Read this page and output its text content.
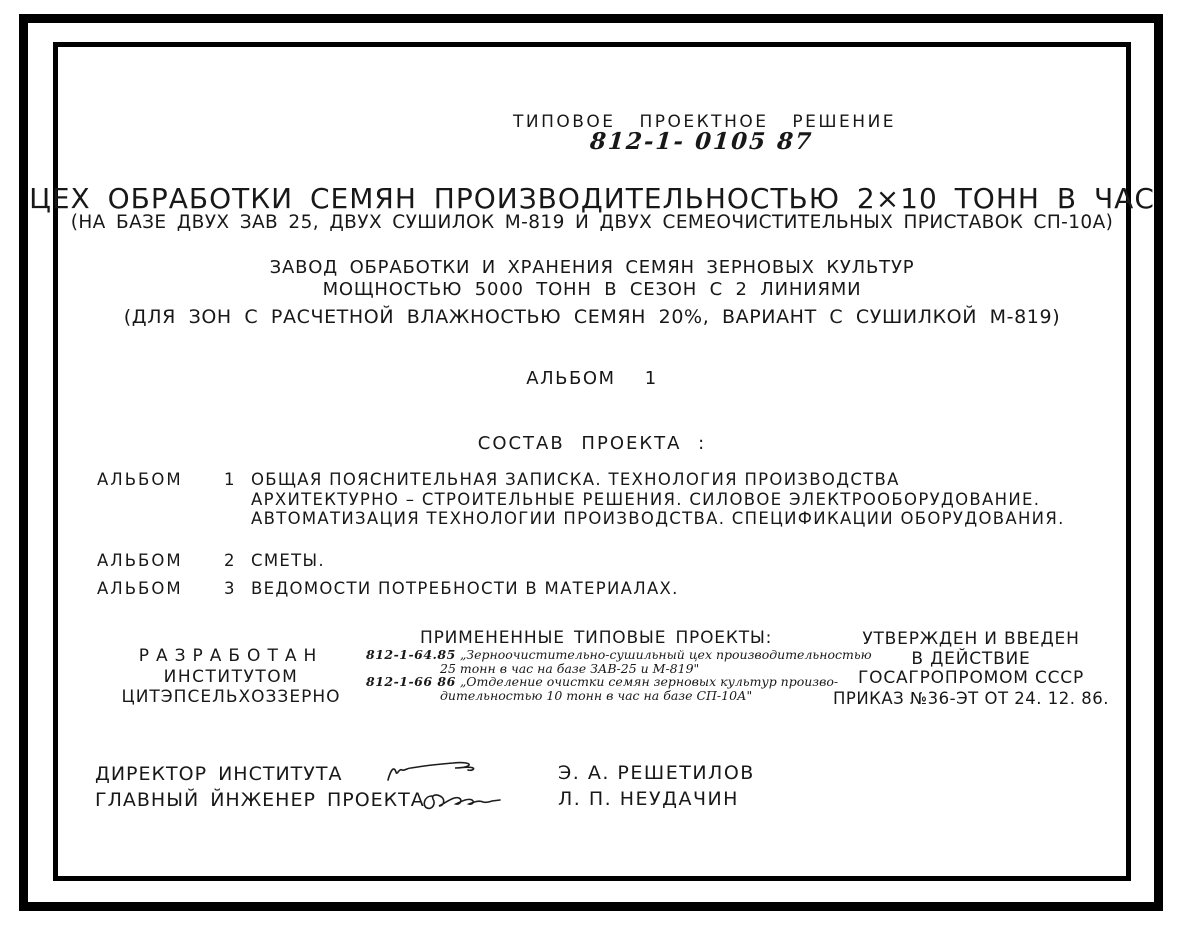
ТИПОВОЕ ПРОЕКТНОЕ РЕШЕНИЕ
812-1- 0105 87
ЦЕХ ОБРАБОТКИ СЕМЯН ПРОИЗВОДИТЕЛЬНОСТЬЮ 2×10 ТОНН В ЧАС
(НА БАЗЕ ДВУХ ЗАВ 25, ДВУХ СУШИЛОК М-819 И ДВУХ СЕМЕОЧИСТИТЕЛЬНЫХ ПРИСТАВОК СП-10А)
ЗАВОД ОБРАБОТКИ И ХРАНЕНИЯ СЕМЯН ЗЕРНОВЫХ КУЛЬТУР
МОЩНОСТЬЮ 5000 ТОНН В СЕЗОН С 2 ЛИНИЯМИ
(ДЛЯ ЗОН С РАСЧЕТНОЙ ВЛАЖНОСТЬЮ СЕМЯН 20%, ВАРИАНТ С СУШИЛКОЙ М-819)
АЛЬБОМ 1
СОСТАВ ПРОЕКТА :
АЛЬБОМ	1	ОБЩАЯ ПОЯСНИТЕЛЬНАЯ ЗАПИСКА. ТЕХНОЛОГИЯ ПРОИЗВОДСТВА
АРХИТЕКТУРНО – СТРОИТЕЛЬНЫЕ РЕШЕНИЯ. СИЛОВОЕ ЭЛЕКТРООБОРУДОВАНИЕ.
АВТОМАТИЗАЦИЯ ТЕХНОЛОГИИ ПРОИЗВОДСТВА. СПЕЦИФИКАЦИИ ОБОРУДОВАНИЯ.
АЛЬБОМ	2	СМЕТЫ.
АЛЬБОМ	3	ВЕДОМОСТИ ПОТРЕБНОСТИ В МАТЕРИАЛАХ.
РАЗРАБОТАН
ИНСТИТУТОМ
ЦИТЭПСЕЛЬХОЗЗЕРНО
ПРИМЕНЕННЫЕ ТИПОВЫЕ ПРОЕКТЫ:
812-1-64.85 „Зерноочистительно-сушильный цех производительностью
25 тонн в час на базе ЗАВ-25 и М-819"
812-1-66 86 „Отделение очистки семян зерновых культур произво-
дительностью 10 тонн в час на базе СП-10А"
УТВЕРЖДЕН И ВВЕДЕН
В ДЕЙСТВИЕ
ГОСАГРОПРОМОМ СССР
ПРИКАЗ №36-ЭТ ОТ 24. 12. 86.
ДИРЕКТОР ИНСТИТУТА
ГЛАВНЫЙ ЙНЖЕНЕР ПРОЕКТА
Э. А. РЕШЕТИЛОВ
Л. П. НЕУДАЧИН
